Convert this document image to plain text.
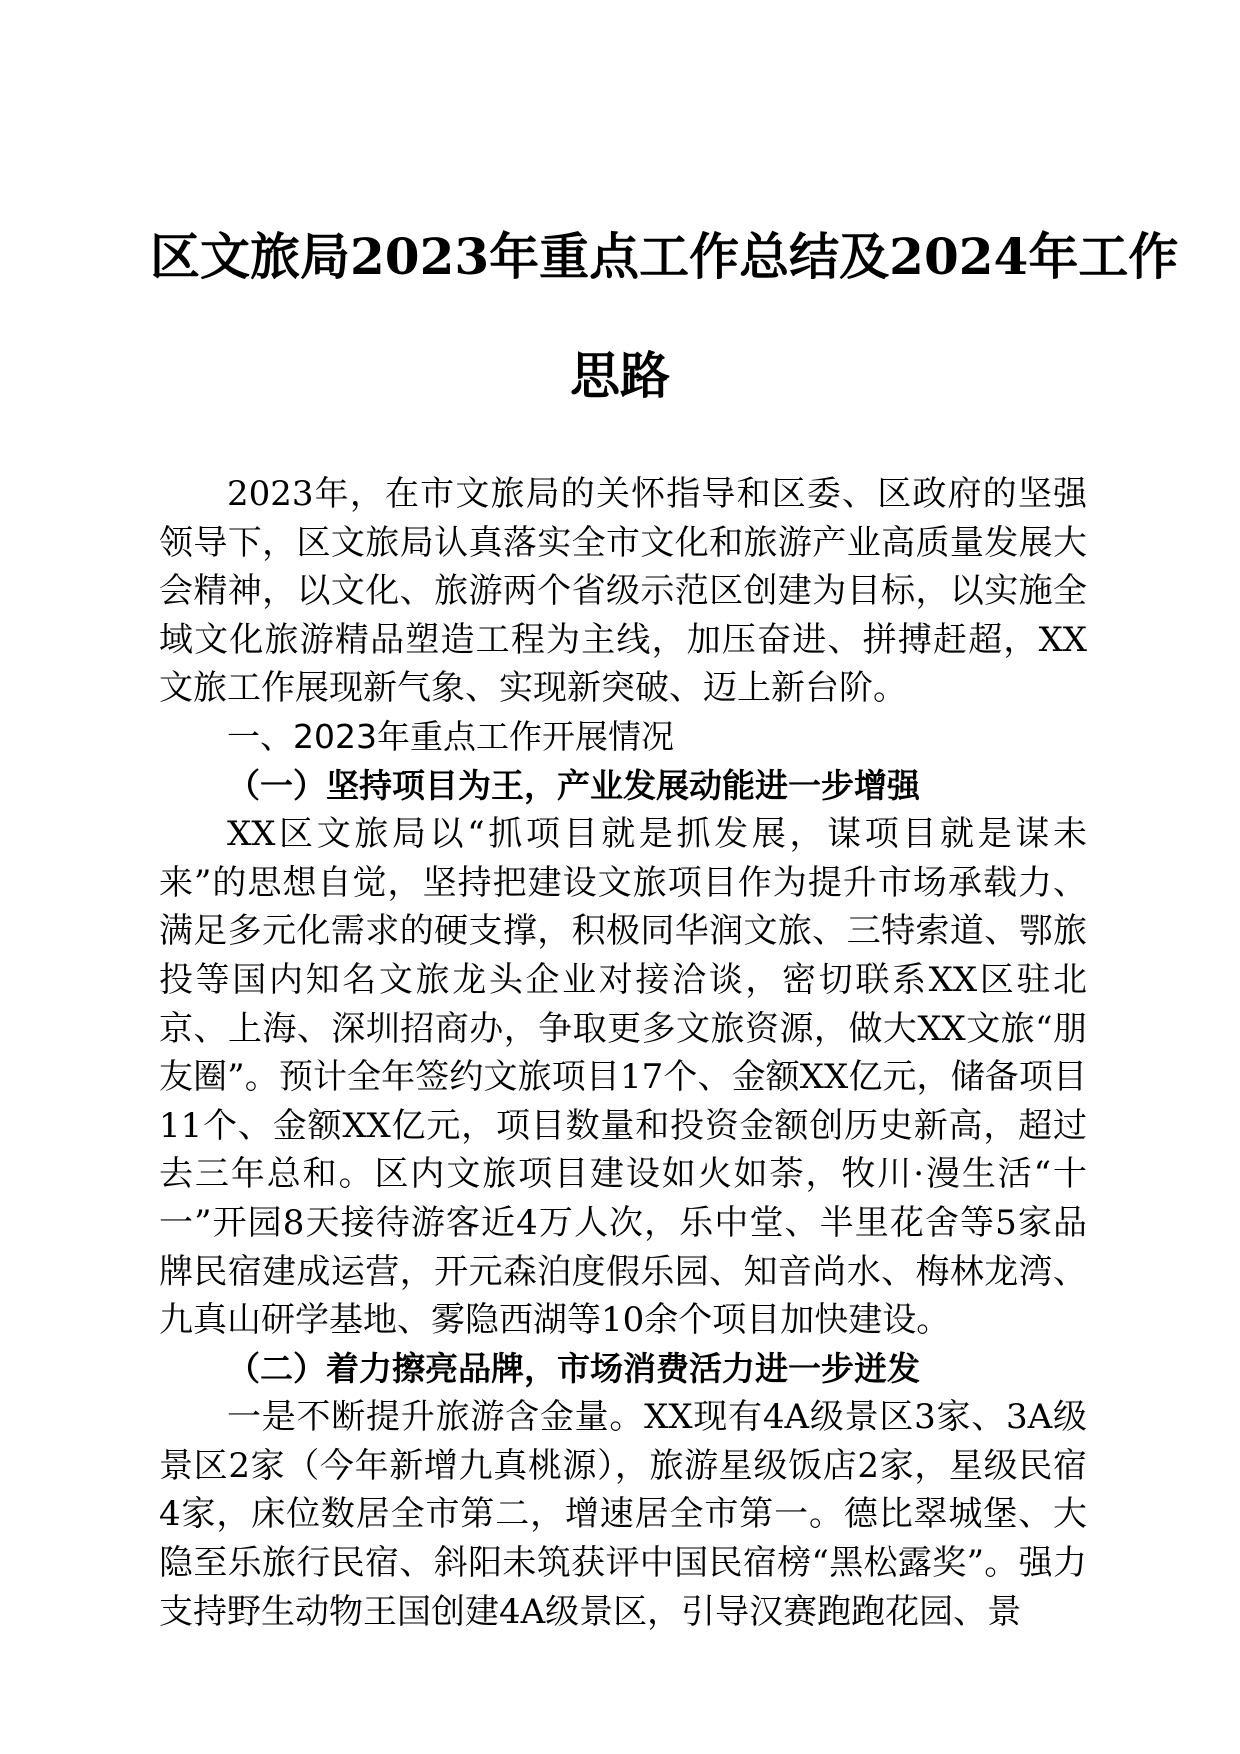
区文旅局2023年重点工作总结及2024年工作
思路

2023年，在市文旅局的关怀指导和区委、区政府的坚强领导下，区文旅局认真落实全市文化和旅游产业高质量发展大会精神，以文化、旅游两个省级示范区创建为目标，以实施全域文化旅游精品塑造工程为主线，加压奋进、拼搏赶超，XX文旅工作展现新气象、实现新突破、迈上新台阶。

一、2023年重点工作开展情况

（一）坚持项目为王，产业发展动能进一步增强

XX区文旅局以“抓项目就是抓发展，谋项目就是谋未来”的思想自觉，坚持把建设文旅项目作为提升市场承载力、满足多元化需求的硬支撑，积极同华润文旅、三特索道、鄂旅投等国内知名文旅龙头企业对接洽谈，密切联系XX区驻北京、上海、深圳招商办，争取更多文旅资源，做大XX文旅“朋友圈”。预计全年签约文旅项目17个、金额XX亿元，储备项目11个、金额XX亿元，项目数量和投资金额创历史新高，超过去三年总和。区内文旅项目建设如火如荼，牧川·漫生活“十一”开园8天接待游客近4万人次，乐中堂、半里花舍等5家品牌民宿建成运营，开元森泊度假乐园、知音尚水、梅林龙湾、九真山研学基地、雾隐西湖等10余个项目加快建设。

（二）着力擦亮品牌，市场消费活力进一步迸发

一是不断提升旅游含金量。XX现有4A级景区3家、3A级景区2家（今年新增九真桃源），旅游星级饭店2家，星级民宿4家，床位数居全市第二，增速居全市第一。德比翠城堡、大隐至乐旅行民宿、斜阳未筑获评中国民宿榜“黑松露奖”。强力支持野生动物王国创建4A级景区，引导汉赛跑跑花园、景
